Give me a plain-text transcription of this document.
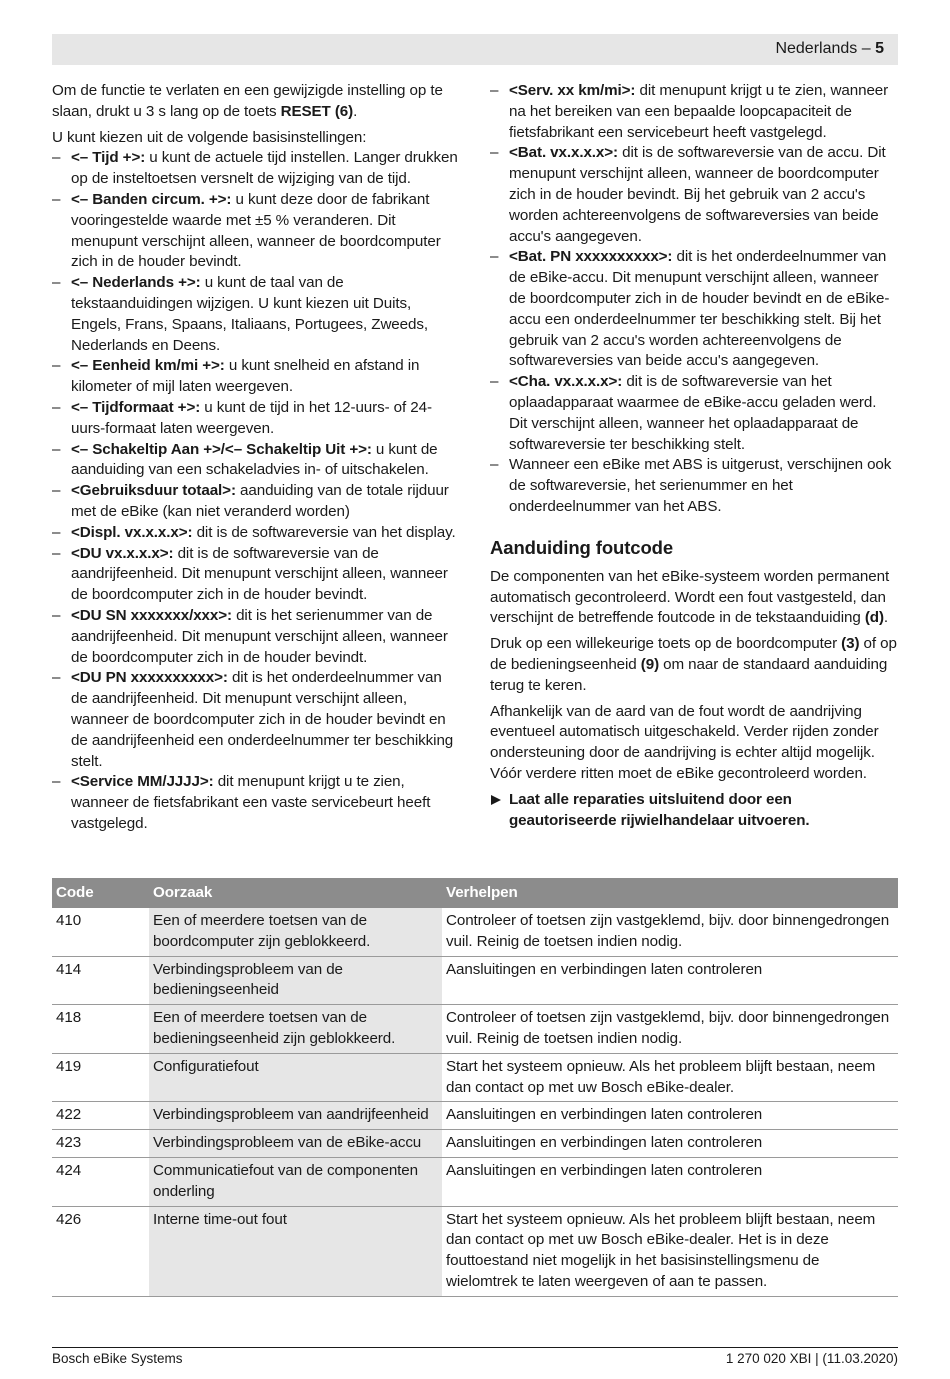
Nederlands – 5

Om de functie te verlaten en een gewijzigde instelling op te slaan, drukt u 3 s lang op de toets RESET (6).

U kunt kiezen uit de volgende basisinstellingen:

– <– Tijd +>: u kunt de actuele tijd instellen. Langer drukken op de insteltoetsen versnelt de wijziging van de tijd.
– <– Banden circum. +>: u kunt deze door de fabrikant vooringestelde waarde met ±5 % veranderen. Dit menupunt verschijnt alleen, wanneer de boordcomputer zich in de houder bevindt.
– <– Nederlands +>: u kunt de taal van de tekstaanduidingen wijzigen. U kunt kiezen uit Duits, Engels, Frans, Spaans, Italiaans, Portugees, Zweeds, Nederlands en Deens.
– <– Eenheid km/mi +>: u kunt snelheid en afstand in kilometer of mijl laten weergeven.
– <– Tijdformaat +>: u kunt de tijd in het 12-uurs- of 24-uurs-formaat laten weergeven.
– <– Schakeltip Aan +>/<– Schakeltip Uit +>: u kunt de aanduiding van een schakeladvies in- of uitschakelen.
– <Gebruiksduur totaal>: aanduiding van de totale rijduur met de eBike (kan niet veranderd worden)
– <Displ. vx.x.x.x>: dit is de softwareversie van het display.
– <DU vx.x.x.x>: dit is de softwareversie van de aandrijfeenheid. Dit menupunt verschijnt alleen, wanneer de boordcomputer zich in de houder bevindt.
– <DU SN xxxxxxx/xxx>: dit is het serienummer van de aandrijfeenheid. Dit menupunt verschijnt alleen, wanneer de boordcomputer zich in de houder bevindt.
– <DU PN xxxxxxxxxx>: dit is het onderdeelnummer van de aandrijfeenheid. Dit menupunt verschijnt alleen, wanneer de boordcomputer zich in de houder bevindt en de aandrijfeenheid een onderdeelnummer ter beschikking stelt.
– <Service MM/JJJJ>: dit menupunt krijgt u te zien, wanneer de fietsfabrikant een vaste servicebeurt heeft vastgelegd.
– <Serv. xx km/mi>: dit menupunt krijgt u te zien, wanneer na het bereiken van een bepaalde loopcapaciteit de fietsfabrikant een servicebeurt heeft vastgelegd.
– <Bat. vx.x.x.x>: dit is de softwareversie van de accu. Dit menupunt verschijnt alleen, wanneer de boordcomputer zich in de houder bevindt. Bij het gebruik van 2 accu's worden achtereenvolgens de softwareversies van beide accu's aangegeven.
– <Bat. PN xxxxxxxxxx>: dit is het onderdeelnummer van de eBike-accu. Dit menupunt verschijnt alleen, wanneer de boordcomputer zich in de houder bevindt en de eBike-accu een onderdeelnummer ter beschikking stelt. Bij het gebruik van 2 accu's worden achtereenvolgens de softwareversies van beide accu's aangegeven.
– <Cha. vx.x.x.x>: dit is de softwareversie van het oplaadapparaat waarmee de eBike-accu geladen werd. Dit verschijnt alleen, wanneer het oplaadapparaat de softwareversie ter beschikking stelt.
– Wanneer een eBike met ABS is uitgerust, verschijnen ook de softwareversie, het serienummer en het onderdeelnummer van het ABS.
Aanduiding foutcode

De componenten van het eBike-systeem worden permanent automatisch gecontroleerd. Wordt een fout vastgesteld, dan verschijnt de betreffende foutcode in de tekstaanduiding (d).

Druk op een willekeurige toets op de boordcomputer (3) of op de bedieningseenheid (9) om naar de standaard aanduiding terug te keren.

Afhankelijk van de aard van de fout wordt de aandrijving eventueel automatisch uitgeschakeld. Verder rijden zonder ondersteuning door de aandrijving is echter altijd mogelijk. Vóór verdere ritten moet de eBike gecontroleerd worden.

Laat alle reparaties uitsluitend door een geautoriseerde rijwielhandelaar uitvoeren.
Code	Oorzaak	Verhelpen
410	Een of meerdere toetsen van de boordcomputer zijn geblokkeerd.	Controleer of toetsen zijn vastgeklemd, bijv. door binnengedrongen vuil. Reinig de toetsen indien nodig.
414	Verbindingsprobleem van de bedieningseenheid	Aansluitingen en verbindingen laten controleren
418	Een of meerdere toetsen van de bedieningseenheid zijn geblokkeerd.	Controleer of toetsen zijn vastgeklemd, bijv. door binnengedrongen vuil. Reinig de toetsen indien nodig.
419	Configuratiefout	Start het systeem opnieuw. Als het probleem blijft bestaan, neem dan contact op met uw Bosch eBike-dealer.
422	Verbindingsprobleem van aandrijfeenheid	Aansluitingen en verbindingen laten controleren
423	Verbindingsprobleem van de eBike-accu	Aansluitingen en verbindingen laten controleren
424	Communicatiefout van de componenten onderling	Aansluitingen en verbindingen laten controleren
426	Interne time-out fout	Start het systeem opnieuw. Als het probleem blijft bestaan, neem dan contact op met uw Bosch eBike-dealer. Het is in deze fouttoestand niet mogelijk in het basisinstellingsmenu de wielomtrek te laten weergeven of aan te passen.
Bosch eBike Systems	1 270 020 XBI | (11.03.2020)
